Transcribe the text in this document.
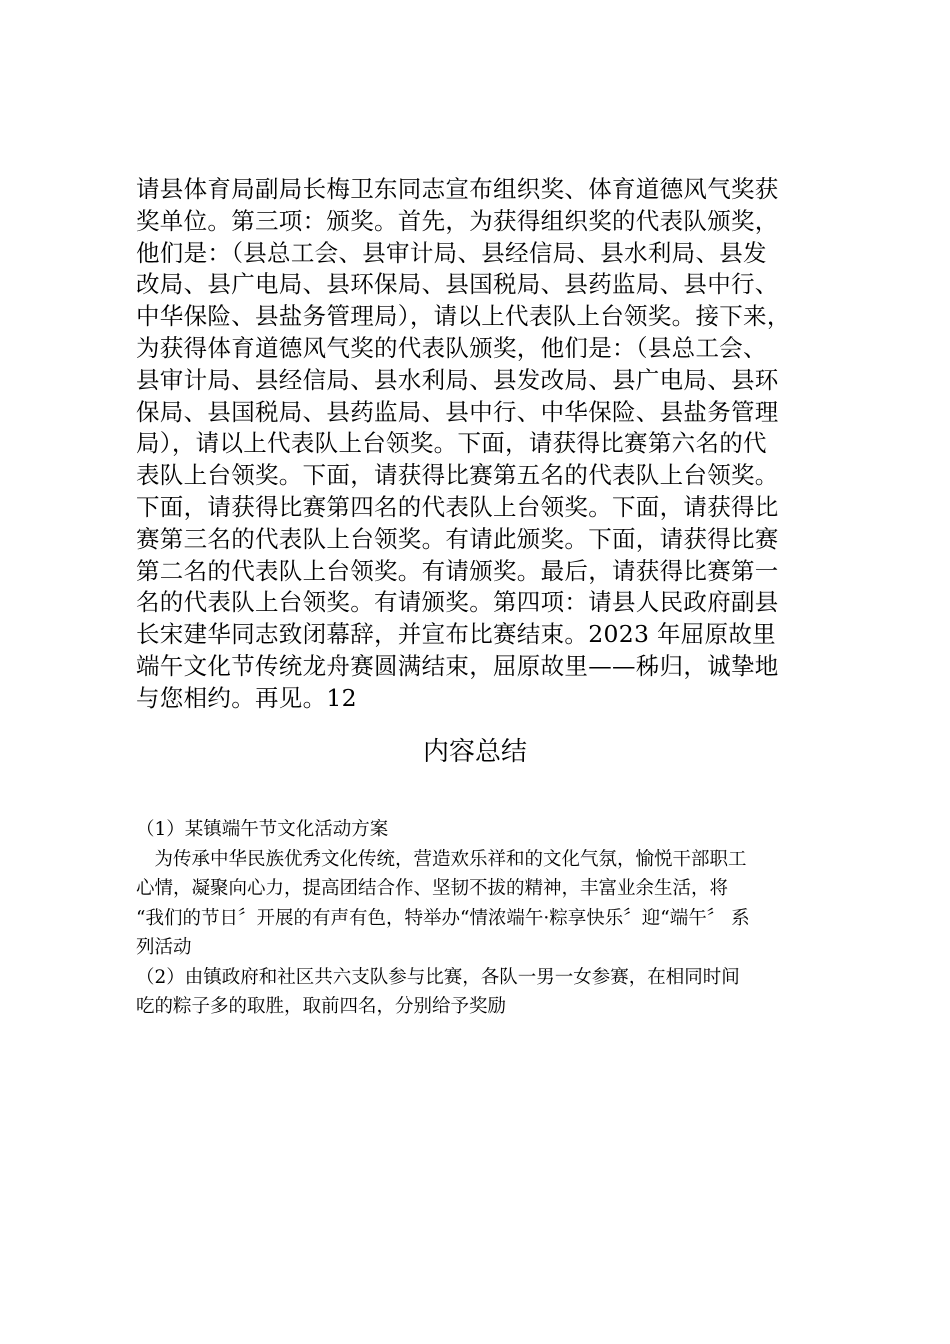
请县体育局副局长梅卫东同志宣布组织奖、体育道德风气奖获
奖单位。第三项：颁奖。首先，为获得组织奖的代表队颁奖，
他们是：（县总工会、县审计局、县经信局、县水利局、县发
改局、县广电局、县环保局、县国税局、县药监局、县中行、
中华保险、县盐务管理局），请以上代表队上台领奖。接下来，
为获得体育道德风气奖的代表队颁奖，他们是：（县总工会、
县审计局、县经信局、县水利局、县发改局、县广电局、县环
保局、县国税局、县药监局、县中行、中华保险、县盐务管理
局），请以上代表队上台领奖。下面，请获得比赛第六名的代
表队上台领奖。下面，请获得比赛第五名的代表队上台领奖。
下面，请获得比赛第四名的代表队上台领奖。下面，请获得比
赛第三名的代表队上台领奖。有请此颁奖。下面，请获得比赛
第二名的代表队上台领奖。有请颁奖。最后，请获得比赛第一
名的代表队上台领奖。有请颁奖。第四项：请县人民政府副县
长宋建华同志致闭幕辞，并宣布比赛结束。2023 年屈原故里
端午文化节传统龙舟赛圆满结束，屈原故里——秭归，诚挚地
与您相约。再见。12
内容总结
（1）某镇端午节文化活动方案
　为传承中华民族优秀文化传统，营造欢乐祥和的文化气氛，愉悦干部职工
心情，凝聚向心力，提高团结合作、坚韧不拔的精神，丰富业余生活，将
“我们的节日〞开展的有声有色，特举办“情浓端午·粽享快乐〞迎“端午〞 系
列活动
（2）由镇政府和社区共六支队参与比赛，各队一男一女参赛，在相同时间
吃的粽子多的取胜，取前四名，分别给予奖励
